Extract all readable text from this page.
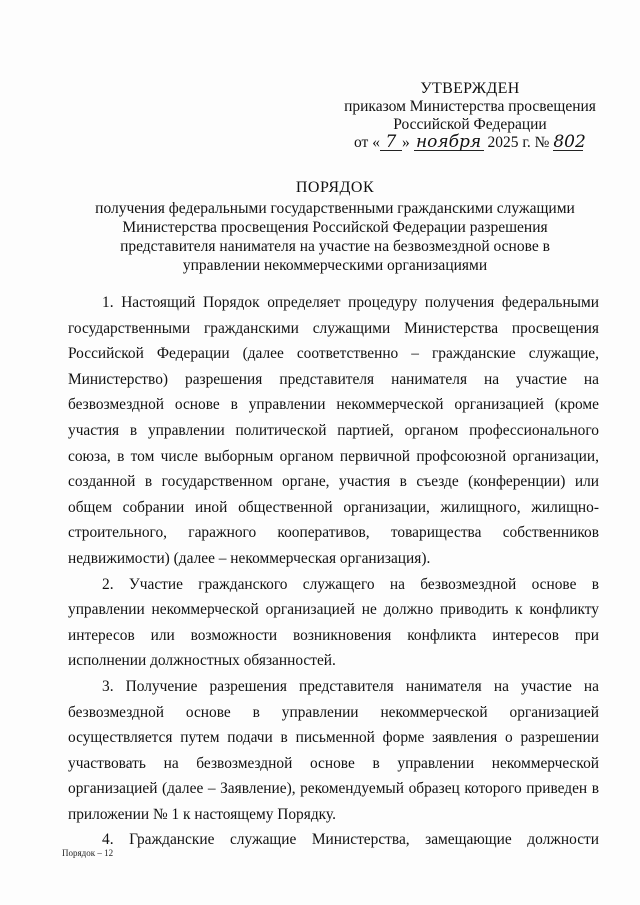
УТВЕРЖДЕН
приказом Министерства просвещения
Российской Федерации
от « 7 » ноября 2025 г. № 802
ПОРЯДОК
получения федеральными государственными гражданскими служащими Министерства просвещения Российской Федерации разрешения представителя нанимателя на участие на безвозмездной основе в управлении некоммерческими организациями

1. Настоящий Порядок определяет процедуру получения федеральными государственными гражданскими служащими Министерства просвещения Российской Федерации (далее соответственно – гражданские служащие, Министерство) разрешения представителя нанимателя на участие на безвозмездной основе в управлении некоммерческой организацией (кроме участия в управлении политической партией, органом профессионального союза, в том числе выборным органом первичной профсоюзной организации, созданной в государственном органе, участия в съезде (конференции) или общем собрании иной общественной организации, жилищного, жилищно-строительного, гаражного кооперативов, товарищества собственников недвижимости) (далее – некоммерческая организация).

2. Участие гражданского служащего на безвозмездной основе в управлении некоммерческой организацией не должно приводить к конфликту интересов или возможности возникновения конфликта интересов при исполнении должностных обязанностей.

3. Получение разрешения представителя нанимателя на участие на безвозмездной основе в управлении некоммерческой организацией осуществляется путем подачи в письменной форме заявления о разрешении участвовать на безвозмездной основе в управлении некоммерческой организацией (далее – Заявление), рекомендуемый образец которого приведен в приложении № 1 к настоящему Порядку.

4. Гражданские служащие Министерства, замещающие должности

Порядок – 12
